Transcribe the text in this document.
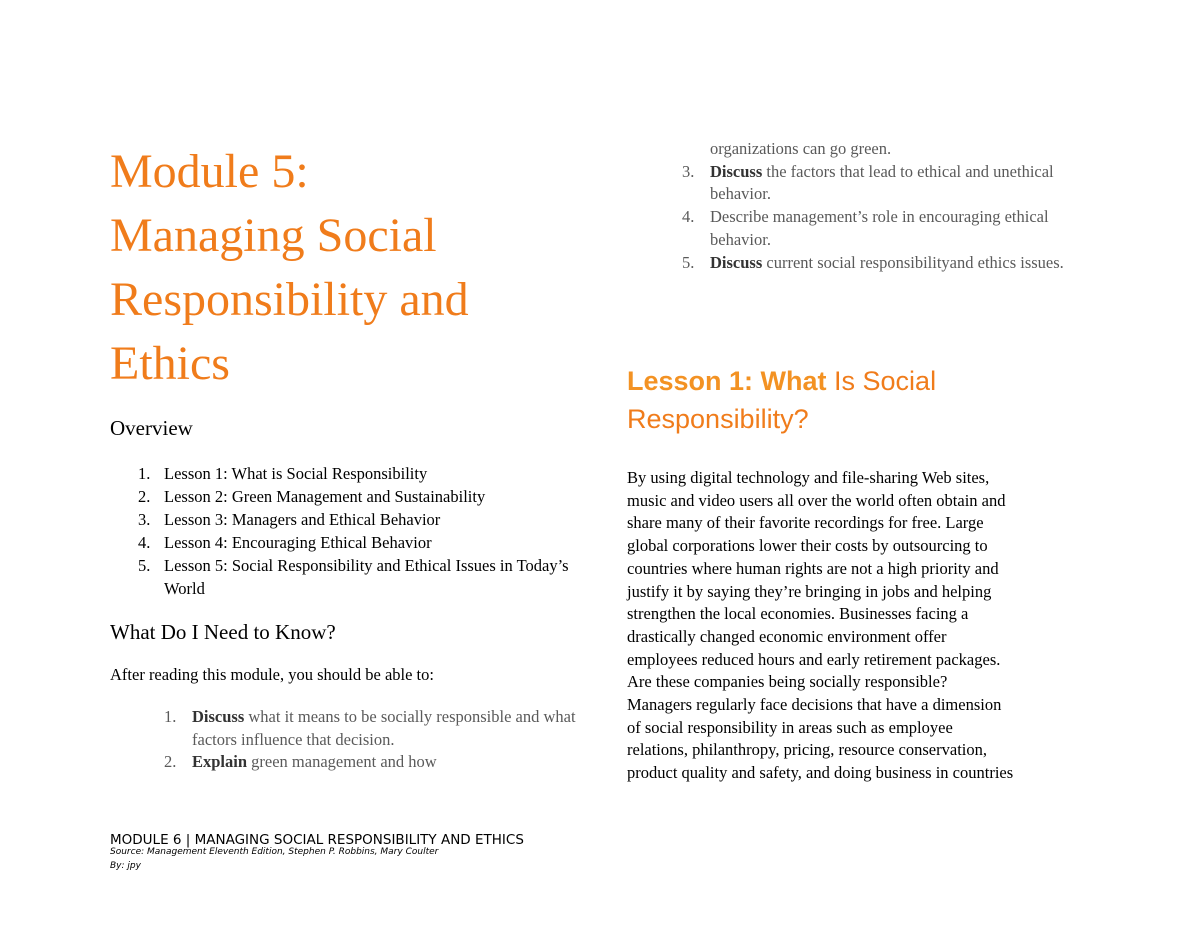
Module 5:
Managing Social
Responsibility and
Ethics
Overview
1. Lesson 1: What is Social Responsibility
2. Lesson 2: Green Management and Sustainability
3. Lesson 3: Managers and Ethical Behavior
4. Lesson 4: Encouraging Ethical Behavior
5. Lesson 5: Social Responsibility and Ethical Issues in Today’s World
What Do I Need to Know?

After reading this module, you should be able to:

1. Discuss what it means to be socially responsible and what factors influence that decision.
2. Explain green management and how
organizations can go green.
3. Discuss the factors that lead to ethical and unethical behavior.
4. Describe management’s role in encouraging ethical behavior.
5. Discuss current social responsibilityand ethics issues.
Lesson 1: What Is Social Responsibility?

By using digital technology and file-sharing Web sites,
music and video users all over the world often obtain and
share many of their favorite recordings for free. Large
global corporations lower their costs by outsourcing to
countries where human rights are not a high priority and
justify it by saying they’re bringing in jobs and helping
strengthen the local economies. Businesses facing a
drastically changed economic environment offer
employees reduced hours and early retirement packages.
Are these companies being socially responsible?
Managers regularly face decisions that have a dimension
of social responsibility in areas such as employee
relations, philanthropy, pricing, resource conservation,
product quality and safety, and doing business in countries

MODULE 6 | MANAGING SOCIAL RESPONSIBILITY AND ETHICS

Source: Management Eleventh Edition, Stephen P. Robbins, Mary Coulter

By: jpy
